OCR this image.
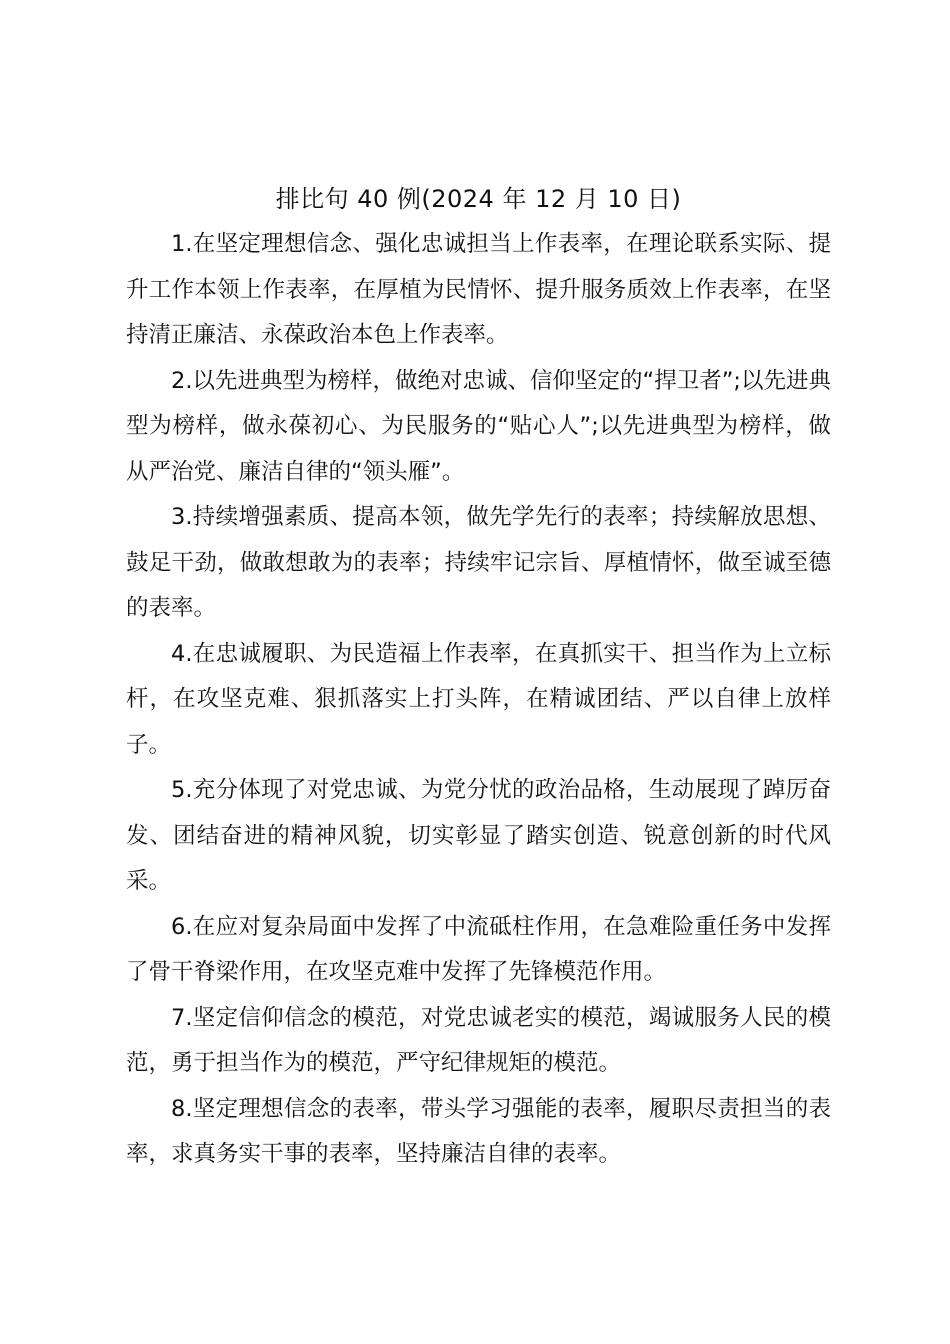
排比句 40 例(2024 年 12 月 10 日)

1.在坚定理想信念、强化忠诚担当上作表率，在理论联系实际、提升工作本领上作表率，在厚植为民情怀、提升服务质效上作表率，在坚持清正廉洁、永葆政治本色上作表率。

2.以先进典型为榜样，做绝对忠诚、信仰坚定的“捍卫者”;以先进典型为榜样，做永葆初心、为民服务的“贴心人”;以先进典型为榜样，做从严治党、廉洁自律的“领头雁”。

3.持续增强素质、提高本领，做先学先行的表率；持续解放思想、鼓足干劲，做敢想敢为的表率；持续牢记宗旨、厚植情怀，做至诚至德的表率。

4.在忠诚履职、为民造福上作表率，在真抓实干、担当作为上立标杆，在攻坚克难、狠抓落实上打头阵，在精诚团结、严以自律上放样子。

5.充分体现了对党忠诚、为党分忧的政治品格，生动展现了踔厉奋发、团结奋进的精神风貌，切实彰显了踏实创造、锐意创新的时代风采。

6.在应对复杂局面中发挥了中流砥柱作用，在急难险重任务中发挥了骨干脊梁作用，在攻坚克难中发挥了先锋模范作用。

7.坚定信仰信念的模范，对党忠诚老实的模范，竭诚服务人民的模范，勇于担当作为的模范，严守纪律规矩的模范。

8.坚定理想信念的表率，带头学习强能的表率，履职尽责担当的表率，求真务实干事的表率，坚持廉洁自律的表率。
